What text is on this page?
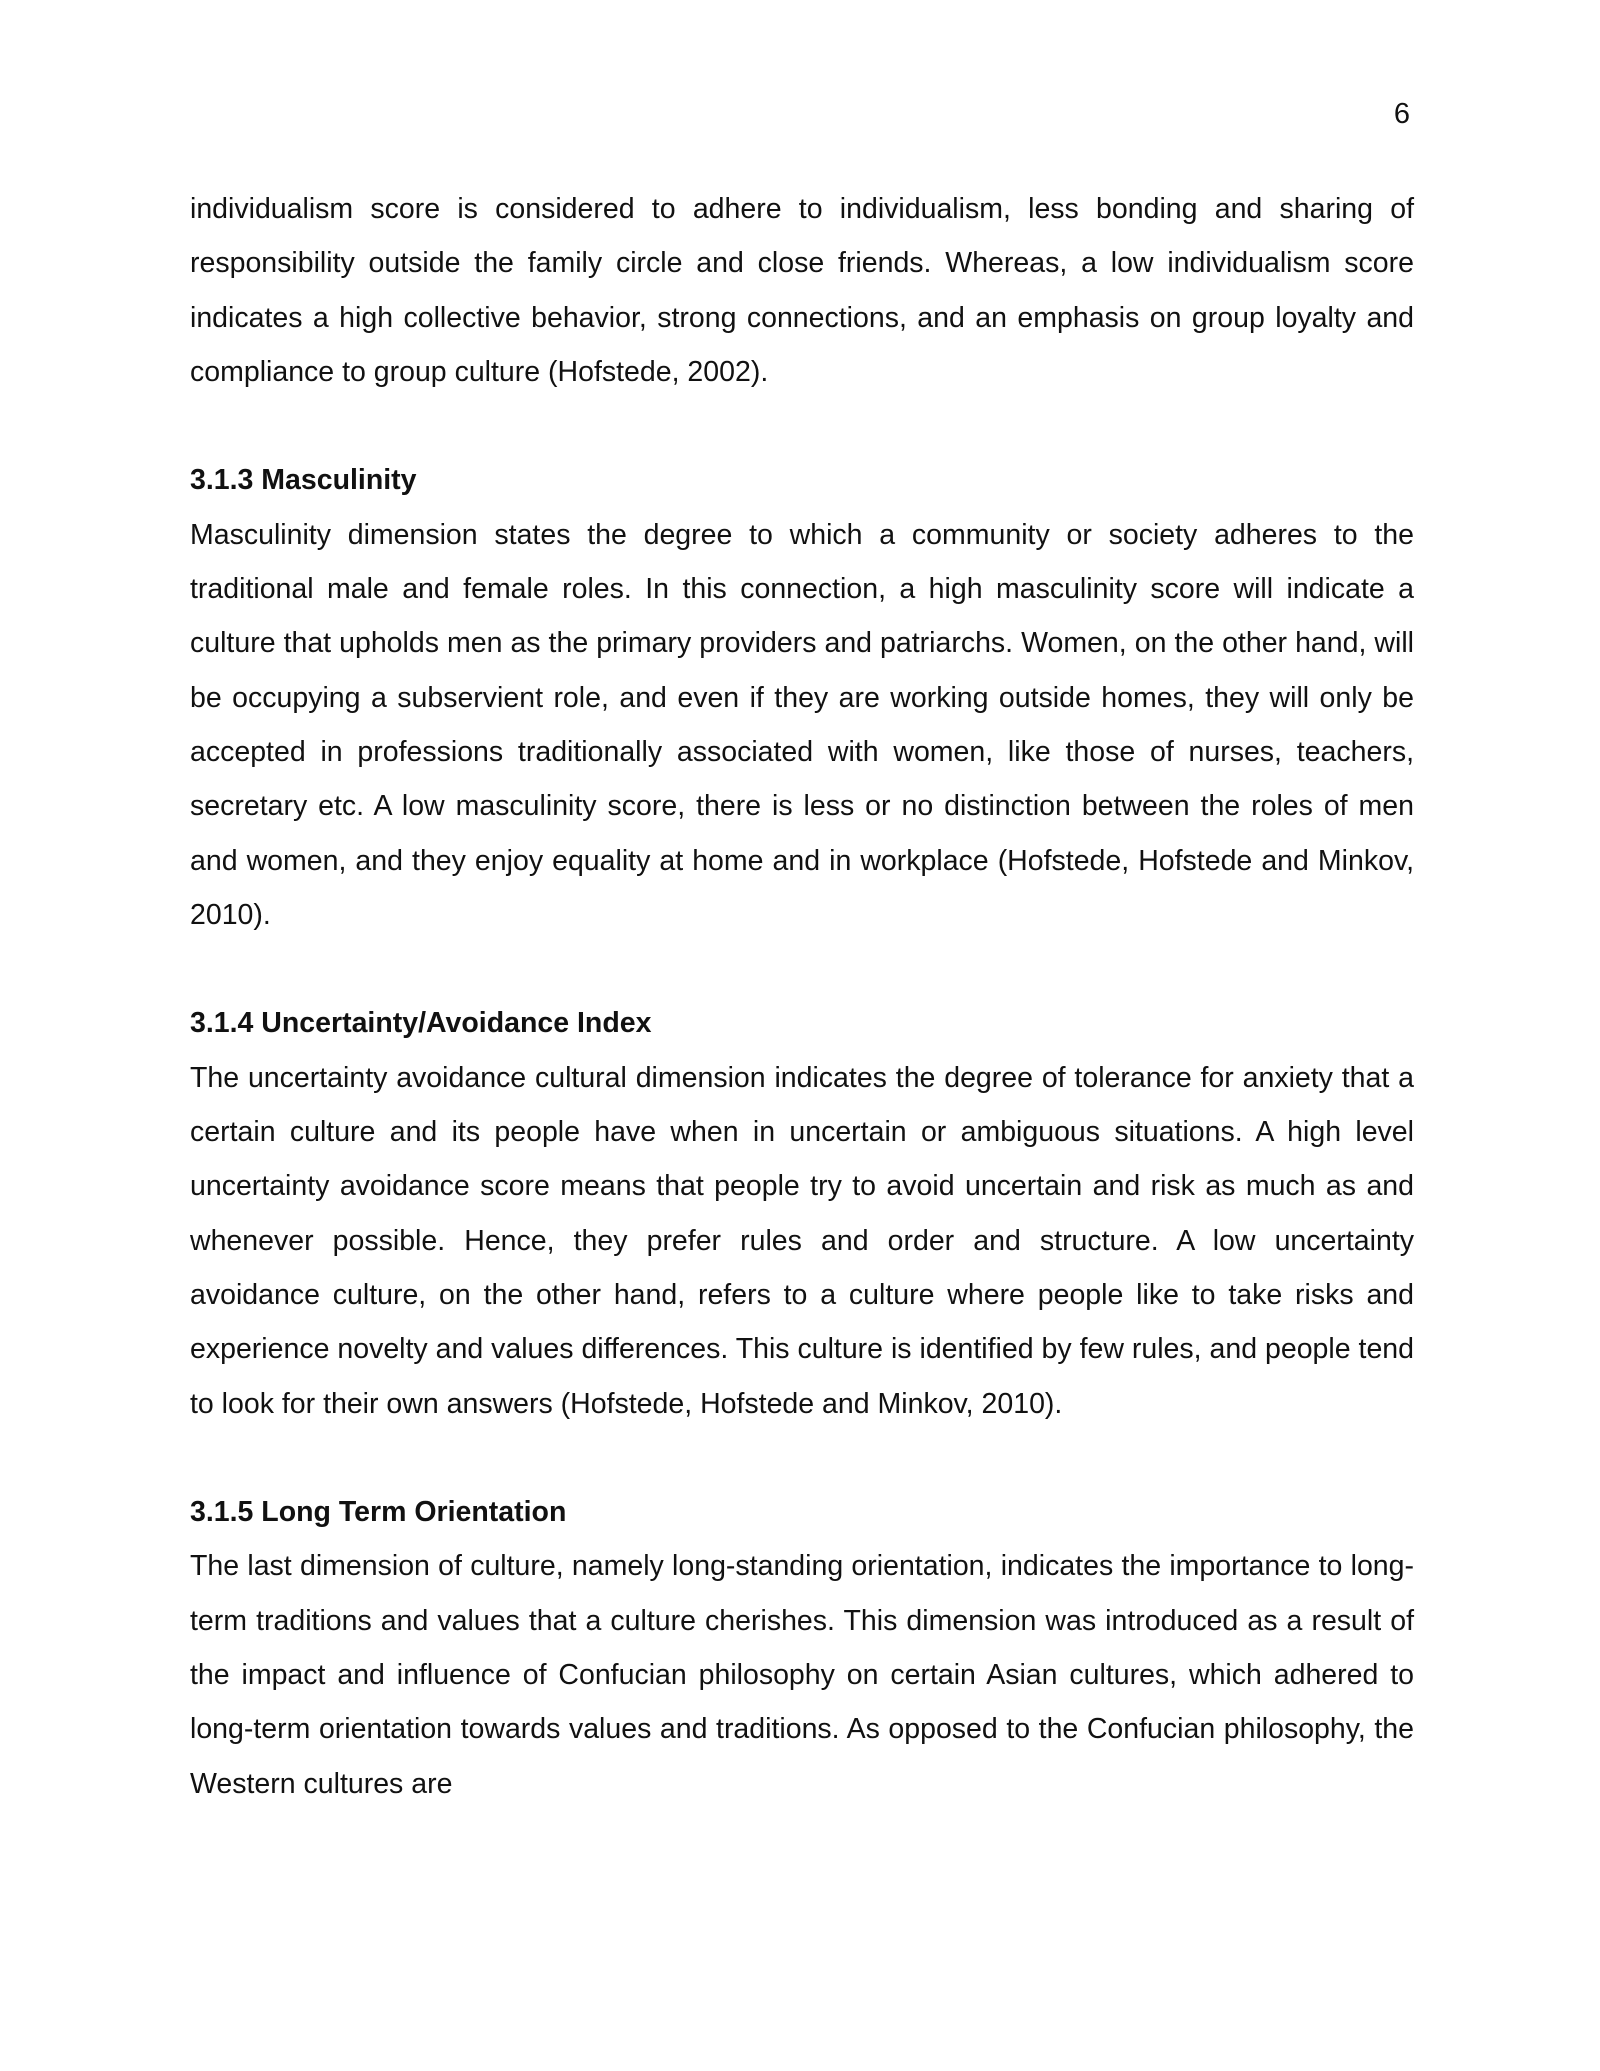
6

individualism score is considered to adhere to individualism, less bonding and sharing of responsibility outside the family circle and close friends. Whereas, a low individualism score indicates a high collective behavior, strong connections, and an emphasis on group loyalty and compliance to group culture (Hofstede, 2002).

3.1.3 Masculinity

Masculinity dimension states the degree to which a community or society adheres to the traditional male and female roles. In this connection, a high masculinity score will indicate a culture that upholds men as the primary providers and patriarchs. Women, on the other hand, will be occupying a subservient role, and even if they are working outside homes, they will only be accepted in professions traditionally associated with women, like those of nurses, teachers, secretary etc. A low masculinity score, there is less or no distinction between the roles of men and women, and they enjoy equality at home and in workplace (Hofstede, Hofstede and Minkov, 2010).

3.1.4 Uncertainty/Avoidance Index

The uncertainty avoidance cultural dimension indicates the degree of tolerance for anxiety that a certain culture and its people have when in uncertain or ambiguous situations. A high level uncertainty avoidance score means that people try to avoid uncertain and risk as much as and whenever possible. Hence, they prefer rules and order and structure. A low uncertainty avoidance culture, on the other hand, refers to a culture where people like to take risks and experience novelty and values differences. This culture is identified by few rules, and people tend to look for their own answers (Hofstede, Hofstede and Minkov, 2010).

3.1.5 Long Term Orientation

The last dimension of culture, namely long-standing orientation, indicates the importance to long-term traditions and values that a culture cherishes. This dimension was introduced as a result of the impact and influence of Confucian philosophy on certain Asian cultures, which adhered to long-term orientation towards values and traditions. As opposed to the Confucian philosophy, the Western cultures are
